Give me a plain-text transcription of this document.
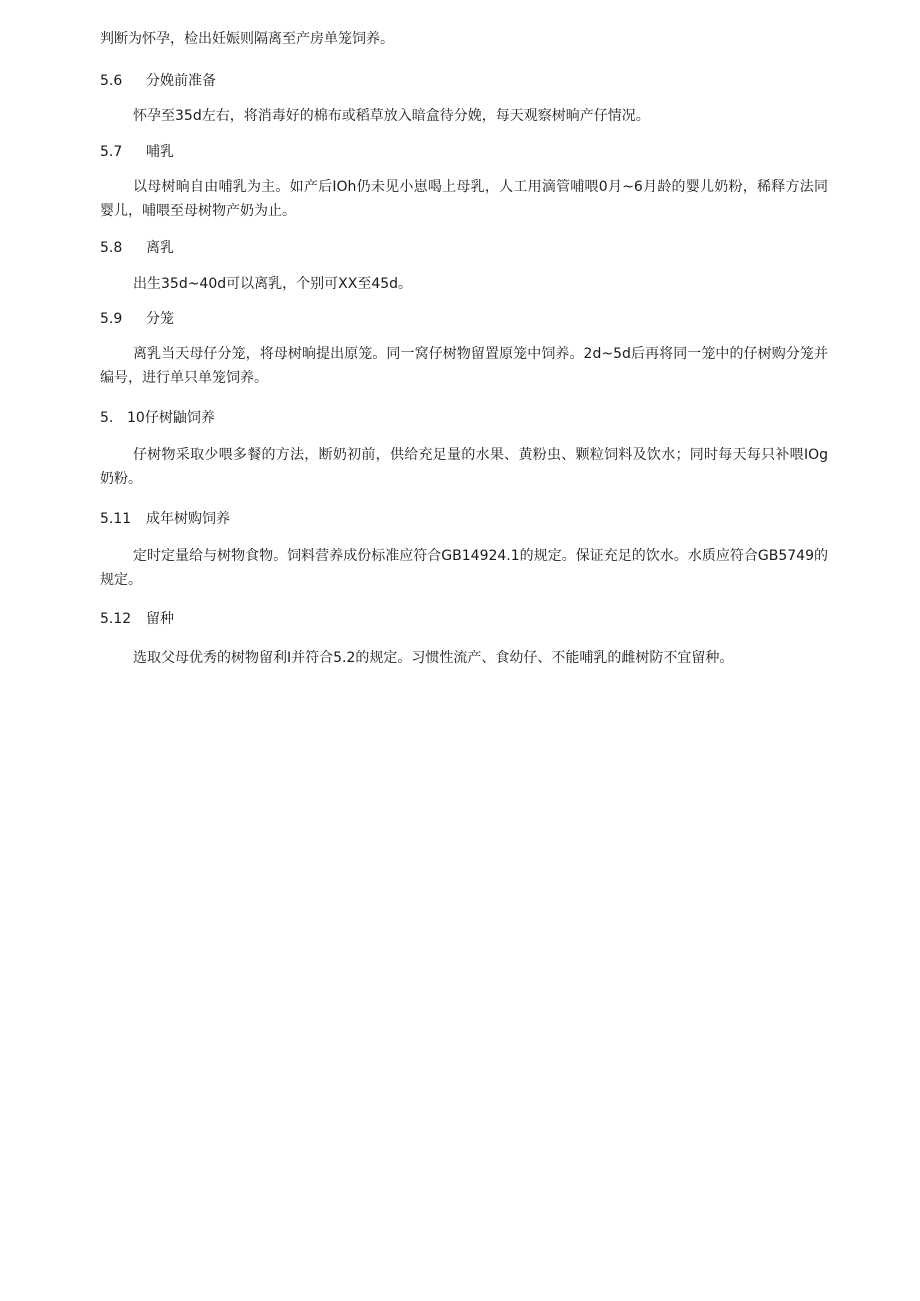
判断为怀孕，检出妊娠则隔离至产房单笼饲养。

5.6 分娩前准备

怀孕至35d左右，将消毒好的棉布或稻草放入暗盒待分娩，每天观察树晌产仔情况。

5.7 哺乳

以母树晌自由哺乳为主。如产后IOh仍未见小崽喝上母乳，人工用滴管哺喂0月~6月龄的婴儿奶粉，稀释方法同婴儿，哺喂至母树物产奶为止。

5.8 离乳

出生35d~40d可以离乳，个别可XX至45d。

5.9 分笼

离乳当天母仔分笼，将母树晌提出原笼。同一窝仔树物留置原笼中饲养。2d~5d后再将同一笼中的仔树购分笼并编号，进行单只单笼饲养。

5. 10仔树鼬饲养

仔树物采取少喂多餐的方法，断奶初前，供给充足量的水果、黄粉虫、颗粒饲料及饮水；同时每天每只补喂IOg奶粉。

5.11 成年树购饲养

定时定量给与树物食物。饲料营养成份标准应符合GB14924.1的规定。保证充足的饮水。水质应符合GB5749的规定。

5.12 留种

选取父母优秀的树物留利I并符合5.2的规定。习惯性流产、食幼仔、不能哺乳的雌树防不宜留种。
